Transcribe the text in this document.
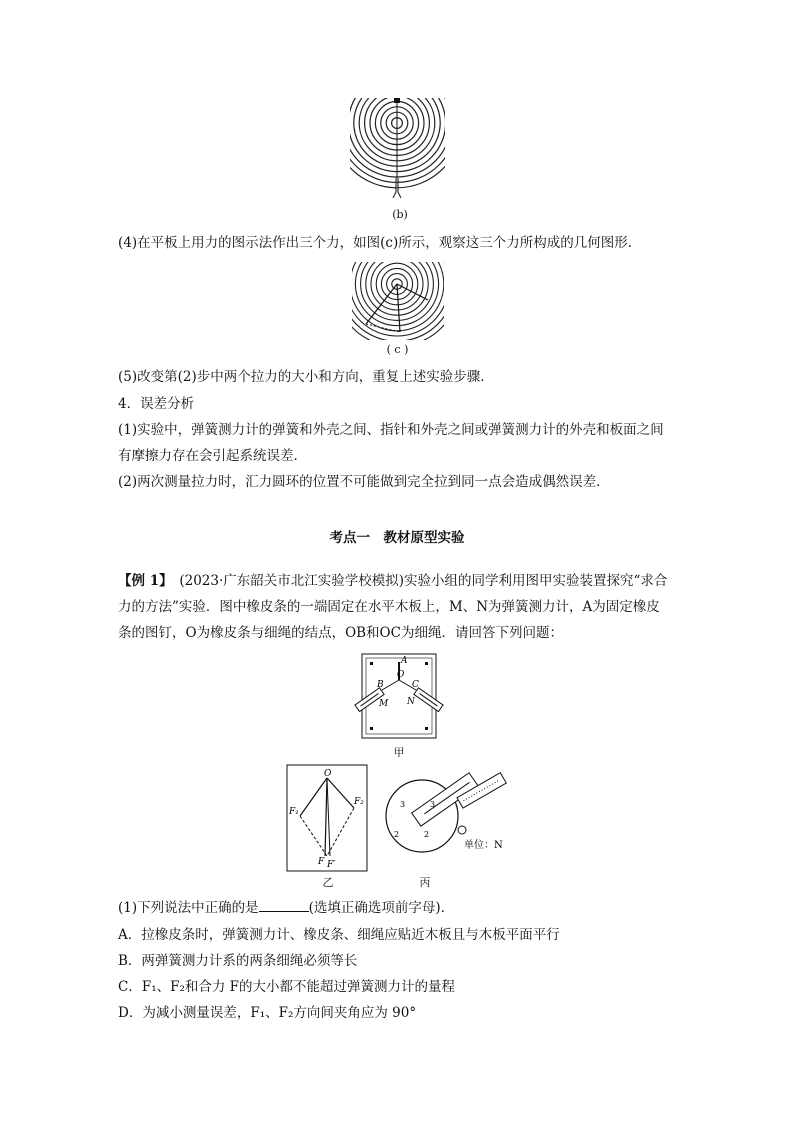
(b)
(4)在平板上用力的图示法作出三个力，如图(c)所示，观察这三个力所构成的几何图形．
( c )
(5)改变第(2)步中两个拉力的大小和方向，重复上述实验步骤．
4．误差分析
(1)实验中，弹簧测力计的弹簧和外壳之间、指针和外壳之间或弹簧测力计的外壳和板面之间
有摩擦力存在会引起系统误差．
(2)两次测量拉力时，汇力圆环的位置不可能做到完全拉到同一点会造成偶然误差．
考点一　教材原型实验
【例 1】　(2023·广东韶关市北江实验学校模拟)实验小组的同学利用图甲实验装置探究“求合
力的方法”实验．图中橡皮条的一端固定在水平木板上，M、N为弹簧测力计，A为固定橡皮
条的图钉，O为橡皮条与细绳的结点，OB和OC为细绳．请回答下列问题：
A
B
O
C
M N
甲
O
F₁
F₂
F F′
乙
3	3
2	2
单位：N
丙
(1)下列说法中正确的是	(选填正确选项前字母)．
A．拉橡皮条时，弹簧测力计、橡皮条、细绳应贴近木板且与木板平面平行
B．两弹簧测力计系的两条细绳必须等长
C．F₁、F₂和合力 F的大小都不能超过弹簧测力计的量程
D．为减小测量误差，F₁、F₂方向间夹角应为 90°
